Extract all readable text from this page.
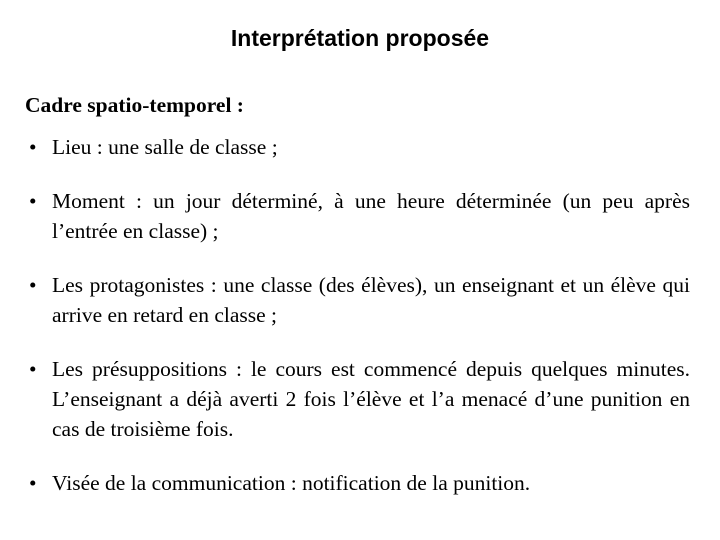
Interprétation proposée
Cadre spatio-temporel :
• Lieu : une salle de classe ;
• Moment : un jour déterminé, à une heure déterminée (un peu après l’entrée en classe) ;
• Les protagonistes : une classe (des élèves), un enseignant et un élève qui arrive en retard en classe ;
• Les présuppositions : le cours est commencé depuis quelques minutes. L’enseignant a déjà averti 2 fois l’élève et l’a menacé d’une punition en cas de troisième fois.
• Visée de la communication : notification de la punition.
